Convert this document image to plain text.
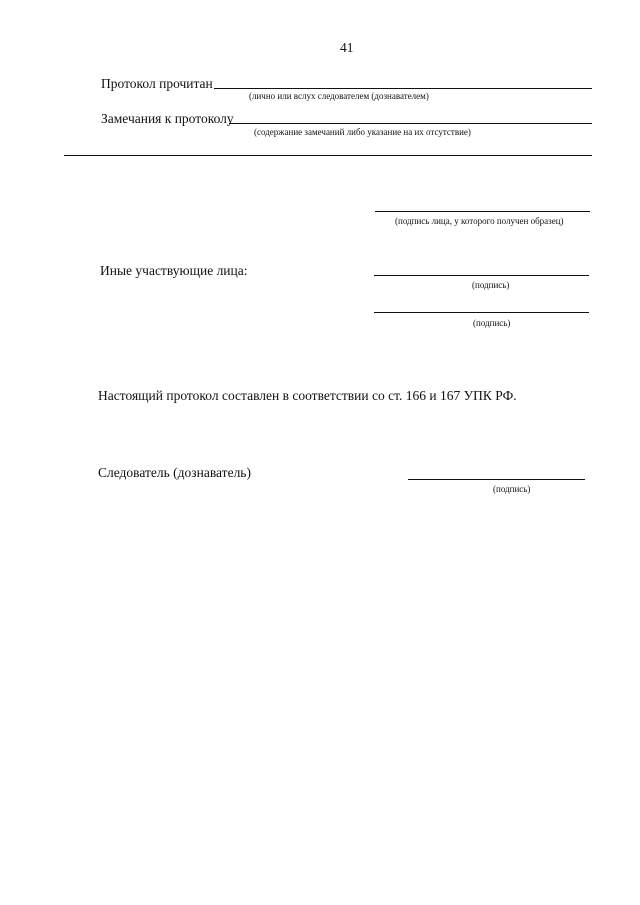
41
Протокол прочитан
(лично или вслух следователем (дознавателем)
Замечания к протоколу
(содержание замечаний либо указание на их отсутствие)
(подпись лица, у которого получен образец)
Иные участвующие лица:
(подпись)
(подпись)
Настоящий протокол составлен в соответствии со ст. 166 и 167 УПК РФ.
Следователь (дознаватель)
(подпись)
